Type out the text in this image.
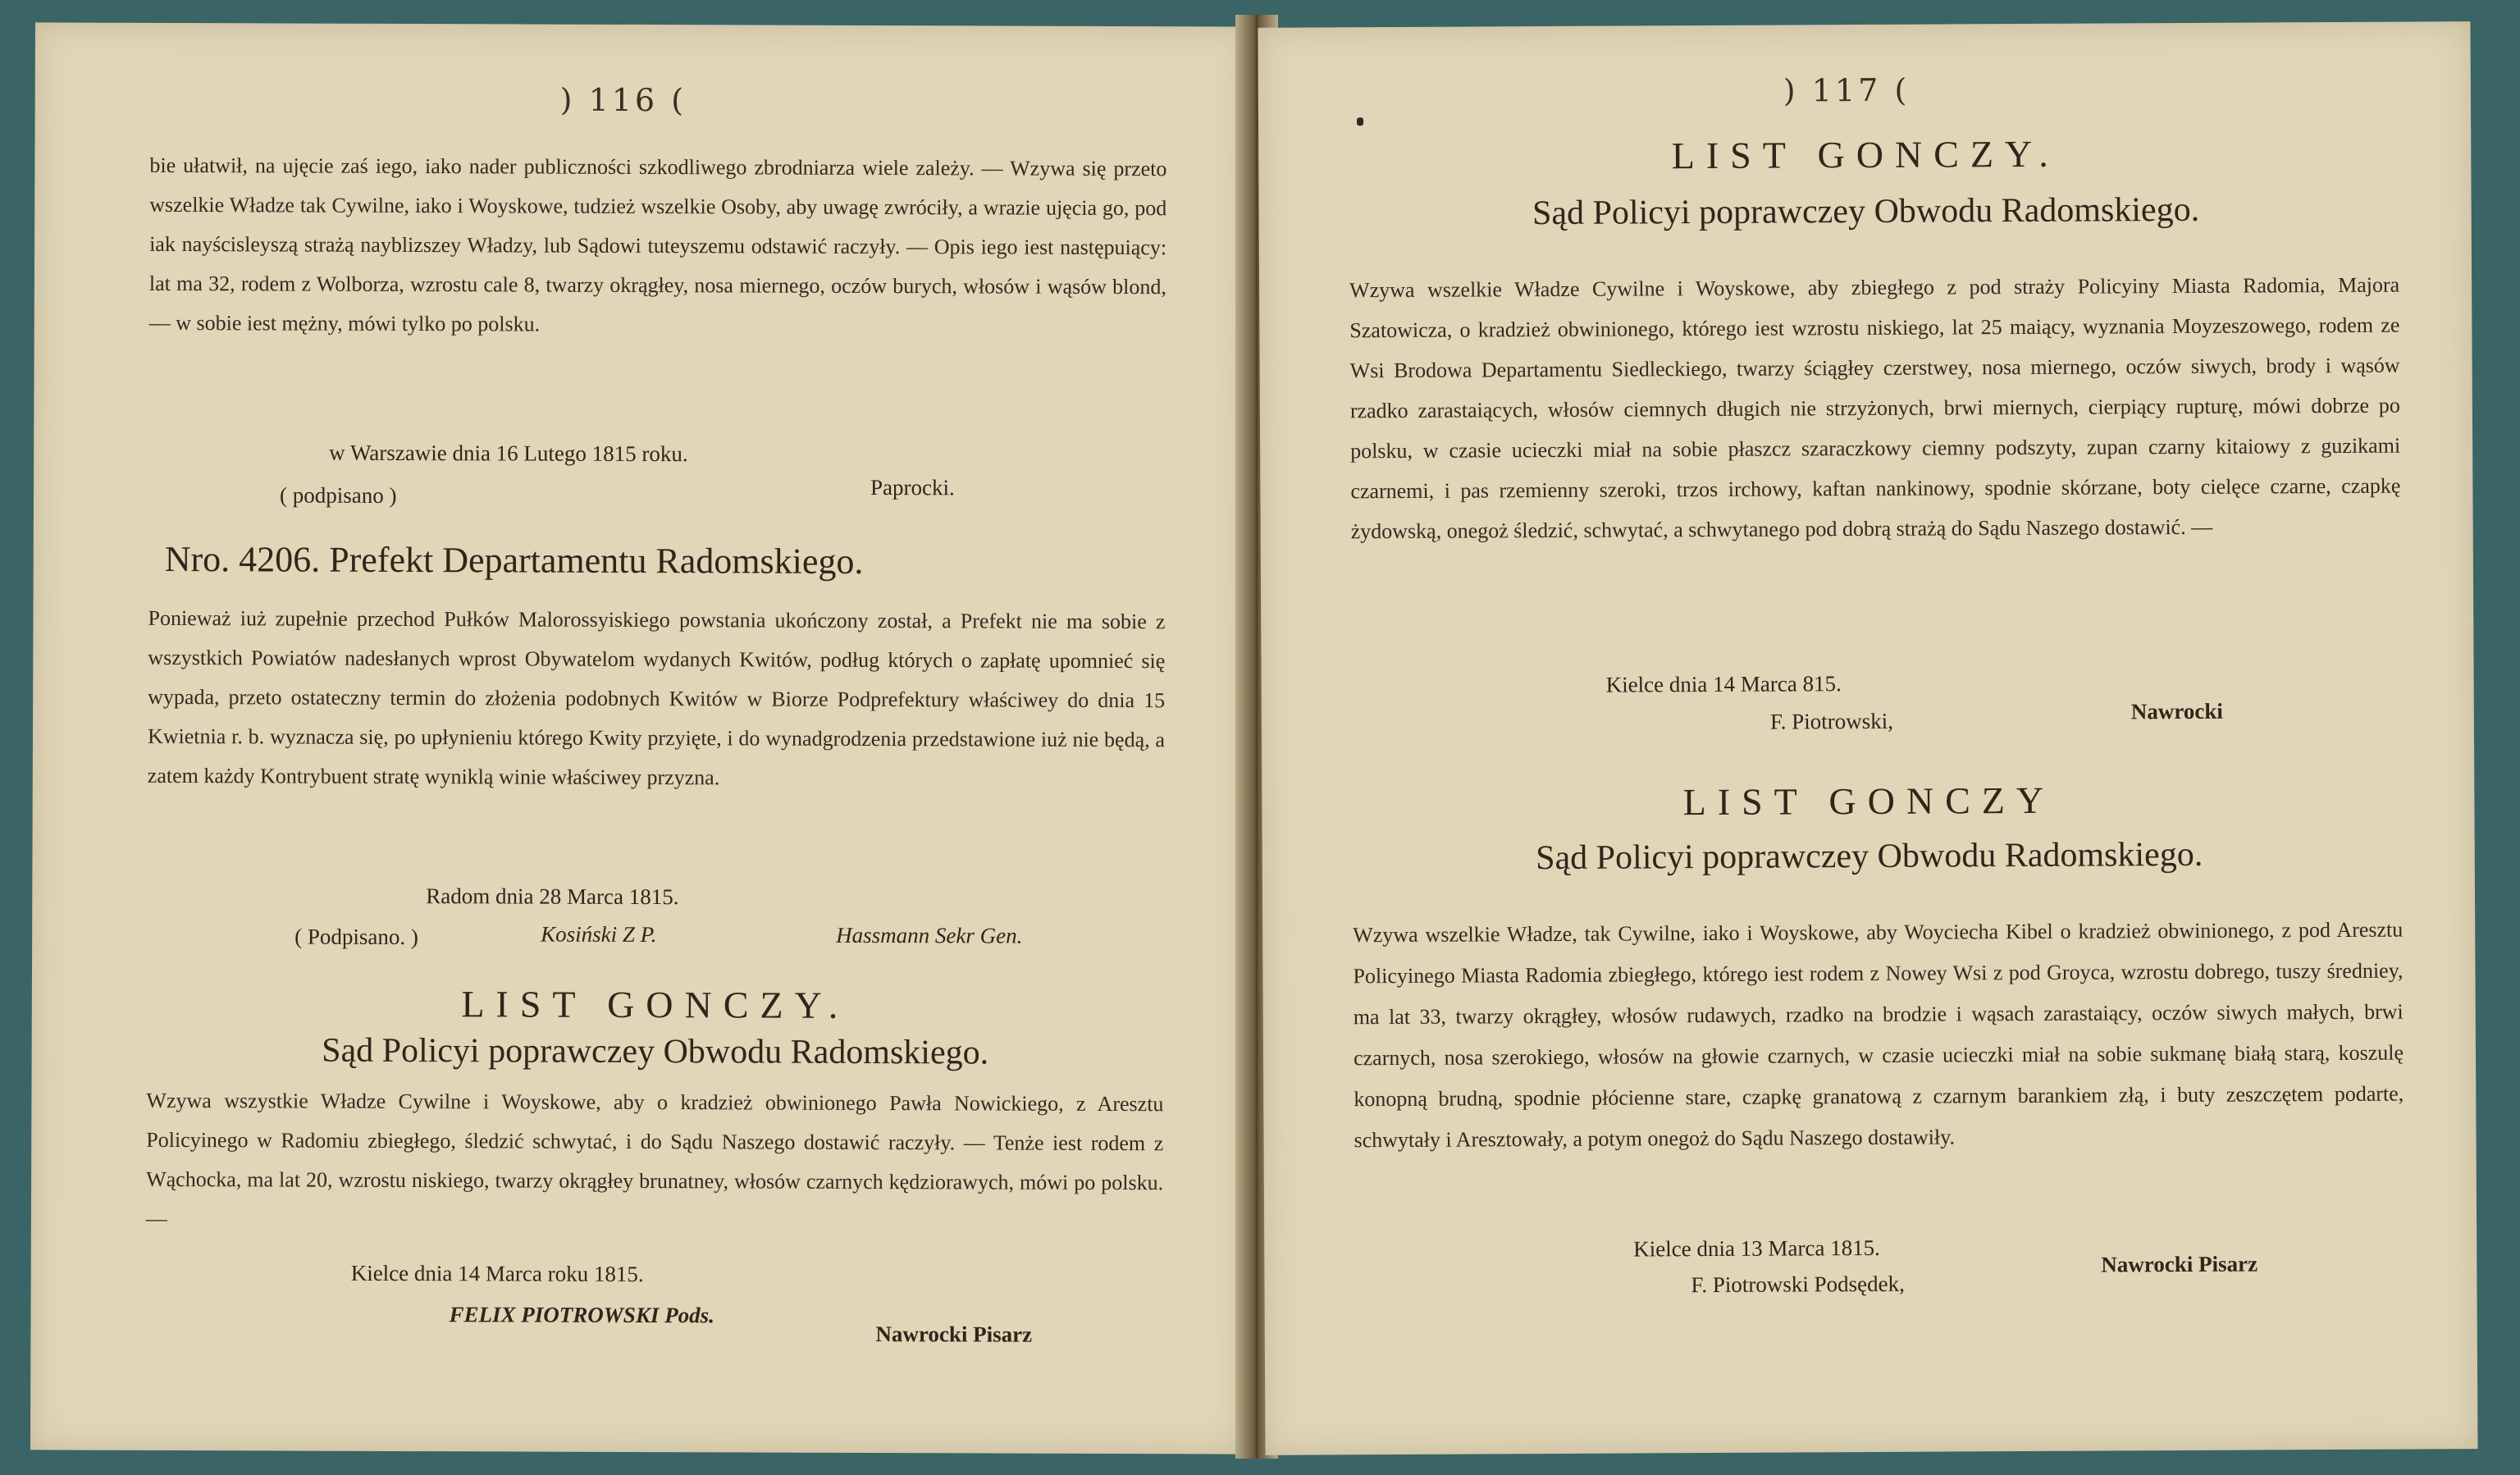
) 116 (
bie ułatwił, na ujęcie zaś iego, iako nader publiczności szkodliwego zbrodniarza wiele zależy. — Wzywa się przeto wszelkie Władze tak Cywilne, iako i Woyskowe, tudzież wszelkie Osoby, aby uwagę zwróciły, a wrazie ujęcia go, pod iak nayścisleyszą strażą nayblizszey Władzy, lub Sądowi tuteyszemu odstawić raczyły. — Opis iego iest następuiący: lat ma 32, rodem z Wolborza, wzrostu cale 8, twarzy okrągłey, nosa miernego, oczów burych, włosów i wąsów blond, — w sobie iest mężny, mówi tylko po polsku.
w Warszawie dnia 16 Lutego 1815 roku.
( podpisano )	Paprocki.
Nro. 4206. Prefekt Departamentu Radomskiego.
Ponieważ iuż zupełnie przechod Pułków Malorossyiskiego powstania ukończony został, a Prefekt nie ma sobie z wszystkich Powiatów nadesłanych wprost Obywatelom wydanych Kwitów, podług których o zapłatę upomnieć się wypada, przeto ostateczny termin do złożenia podobnych Kwitów w Biorze Podprefektury właściwey do dnia 15 Kwietnia r. b. wyznacza się, po upłynieniu którego Kwity przyięte, i do wynadgrodzenia przedstawione iuż nie będą, a zatem każdy Kontrybuent stratę wyniklą winie właściwey przyzna.
Radom dnia 28 Marca 1815.
( Podpisano. )	Kosiński Z P.	Hassmann Sekr Gen.
LIST GONCZY.
Sąd Policyi poprawczey Obwodu Radomskiego.
Wzywa wszystkie Władze Cywilne i Woyskowe, aby o kradzież obwinionego Pawła Nowickiego, z Aresztu Policyinego w Radomiu zbiegłego, śledzić schwytać, i do Sądu Naszego dostawić raczyły. — Tenże iest rodem z Wąchocka, ma lat 20, wzrostu niskiego, twarzy okrągłey brunatney, włosów czarnych kędziorawych, mówi po polsku. —
Kielce dnia 14 Marca roku 1815.
FELIX PIOTROWSKI Pods.
Nawrocki Pisarz
) 117 (
LIST GONCZY.
Sąd Policyi poprawczey Obwodu Radomskiego.
Wzywa wszelkie Władze Cywilne i Woyskowe, aby zbiegłego z pod straży Policyiny Miasta Radomia, Majora Szatowicza, o kradzież obwinionego, którego iest wzrostu niskiego, lat 25 maiący, wyznania Moyzeszowego, rodem ze Wsi Brodowa Departamentu Siedleckiego, twarzy ściągłey czerstwey, nosa miernego, oczów siwych, brody i wąsów rzadko zarastaiących, włosów ciemnych długich nie strzyżonych, brwi miernych, cierpiący rupturę, mówi dobrze po polsku, w czasie ucieczki miał na sobie płaszcz szaraczkowy ciemny podszyty, zupan czarny kitaiowy z guzikami czarnemi, i pas rzemienny szeroki, trzos irchowy, kaftan nankinowy, spodnie skórzane, boty cielęce czarne, czapkę żydowską, onegoż śledzić, schwytać, a schwytanego pod dobrą strażą do Sądu Naszego dostawić. —
Kielce dnia 14 Marca 815.
F. Piotrowski,	Nawrocki
LIST GONCZY
Sąd Policyi poprawczey Obwodu Radomskiego.
Wzywa wszelkie Władze, tak Cywilne, iako i Woyskowe, aby Woyciecha Kibel o kradzież obwinionego, z pod Aresztu Policyinego Miasta Radomia zbiegłego, którego iest rodem z Nowey Wsi z pod Groyca, wzrostu dobrego, tuszy średniey, ma lat 33, twarzy okrągłey, włosów rudawych, rzadko na brodzie i wąsach zarastaiący, oczów siwych małych, brwi czarnych, nosa szerokiego, włosów na głowie czarnych, w czasie ucieczki miał na sobie sukmanę białą starą, koszulę konopną brudną, spodnie płócienne stare, czapkę granatową z czarnym barankiem złą, i buty zeszczętem podarte, schwytały i Aresztowały, a potym onegoż do Sądu Naszego dostawiły.
Kielce dnia 13 Marca 1815.
F. Piotrowski Podsędek,
Nawrocki Pisarz
